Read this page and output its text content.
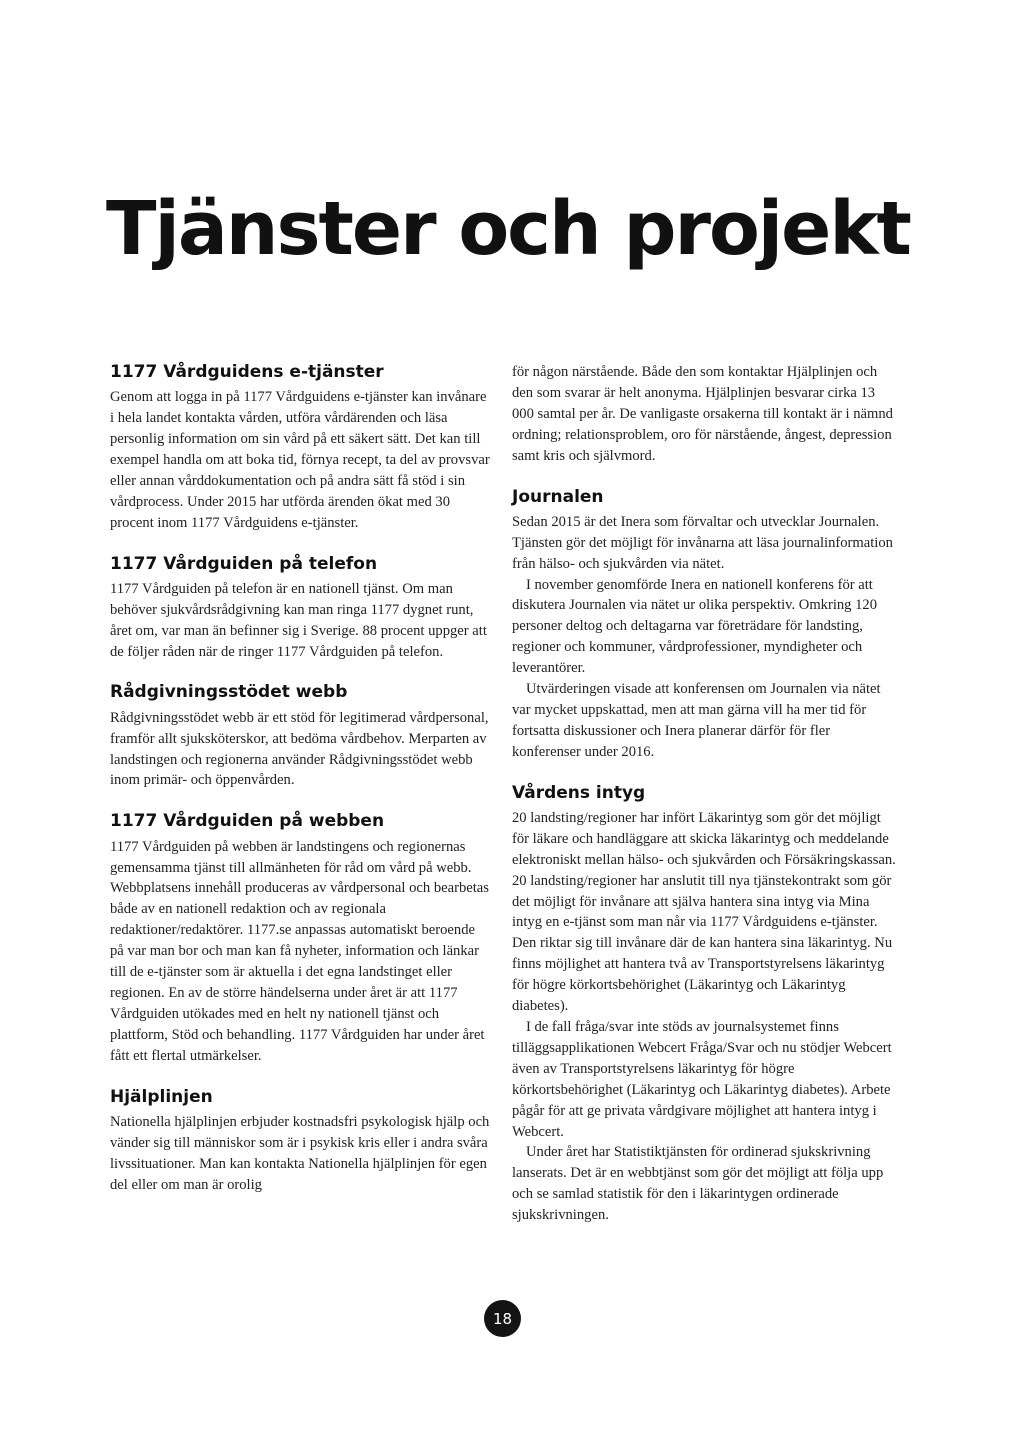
Tjänster och projekt
1177 Vårdguidens e-tjänster

Genom att logga in på 1177 Vårdguidens e-tjänster kan invånare i hela landet kontakta vården, utföra vårdärenden och läsa personlig information om sin vård på ett säkert sätt. Det kan till exempel handla om att boka tid, förnya recept, ta del av provsvar eller annan vårddokumentation och på andra sätt få stöd i sin vårdprocess. Under 2015 har utförda ärenden ökat med 30 procent inom 1177 Vårdguidens e-tjänster.

1177 Vårdguiden på telefon

1177 Vårdguiden på telefon är en nationell tjänst. Om man behöver sjukvårdsrådgivning kan man ringa 1177 dygnet runt, året om, var man än befinner sig i Sverige. 88 procent uppger att de följer råden när de ringer 1177 Vårdguiden på telefon.

Rådgivningsstödet webb

Rådgivningsstödet webb är ett stöd för legitimerad vårdpersonal, framför allt sjuksköterskor, att bedöma vårdbehov. Merparten av landstingen och regionerna använder Rådgivningsstödet webb inom primär- och öppenvården.

1177 Vårdguiden på webben

1177 Vårdguiden på webben är landstingens och regionernas gemensamma tjänst till allmänheten för råd om vård på webb. Webbplatsens innehåll produceras av vårdpersonal och bearbetas både av en nationell redaktion och av regionala redaktioner/redaktörer. 1177.se anpassas automatiskt beroende på var man bor och man kan få nyheter, information och länkar till de e-tjänster som är aktuella i det egna landstinget eller regionen. En av de större händelserna under året är att 1177 Vårdguiden utökades med en helt ny nationell tjänst och plattform, Stöd och behandling. 1177 Vårdguiden har under året fått ett flertal utmärkelser.

Hjälplinjen

Nationella hjälplinjen erbjuder kostnadsfri psykologisk hjälp och vänder sig till människor som är i psykisk kris eller i andra svåra livssituationer. Man kan kontakta Nationella hjälplinjen för egen del eller om man är orolig

för någon närstående. Både den som kontaktar Hjälplinjen och den som svarar är helt anonyma. Hjälplinjen besvarar cirka 13 000 samtal per år. De vanligaste orsakerna till kontakt är i nämnd ordning; relationsproblem, oro för närstående, ångest, depression samt kris och självmord.

Journalen

Sedan 2015 är det Inera som förvaltar och utvecklar Journalen. Tjänsten gör det möjligt för invånarna att läsa journalinformation från hälso- och sjukvården via nätet.

I november genomförde Inera en nationell konferens för att diskutera Journalen via nätet ur olika perspektiv. Omkring 120 personer deltog och deltagarna var företrädare för landsting, regioner och kommuner, vårdprofessioner, myndigheter och leverantörer.

Utvärderingen visade att konferensen om Journalen via nätet var mycket uppskattad, men att man gärna vill ha mer tid för fortsatta diskussioner och Inera planerar därför för fler konferenser under 2016.

Vårdens intyg

20 landsting/regioner har infört Läkarintyg som gör det möjligt för läkare och handläggare att skicka läkarintyg och meddelande elektroniskt mellan hälso- och sjukvården och Försäkringskassan. 20 landsting/regioner har anslutit till nya tjänstekontrakt som gör det möjligt för invånare att själva hantera sina intyg via Mina intyg en e-tjänst som man når via 1177 Vårdguidens e-tjänster. Den riktar sig till invånare där de kan hantera sina läkarintyg. Nu finns möjlighet att hantera två av Transportstyrelsens läkarintyg för högre körkortsbehörighet (Läkarintyg och Läkarintyg diabetes).

I de fall fråga/svar inte stöds av journalsystemet finns tilläggsapplikationen Webcert Fråga/Svar och nu stödjer Webcert även av Transportstyrelsens läkarintyg för högre körkortsbehörighet (Läkarintyg och Läkarintyg diabetes). Arbete pågår för att ge privata vårdgivare möjlighet att hantera intyg i Webcert.

Under året har Statistiktjänsten för ordinerad sjukskrivning lanserats. Det är en webbtjänst som gör det möjligt att följa upp och se samlad statistik för den i läkarintygen ordinerade sjukskrivningen.

18
